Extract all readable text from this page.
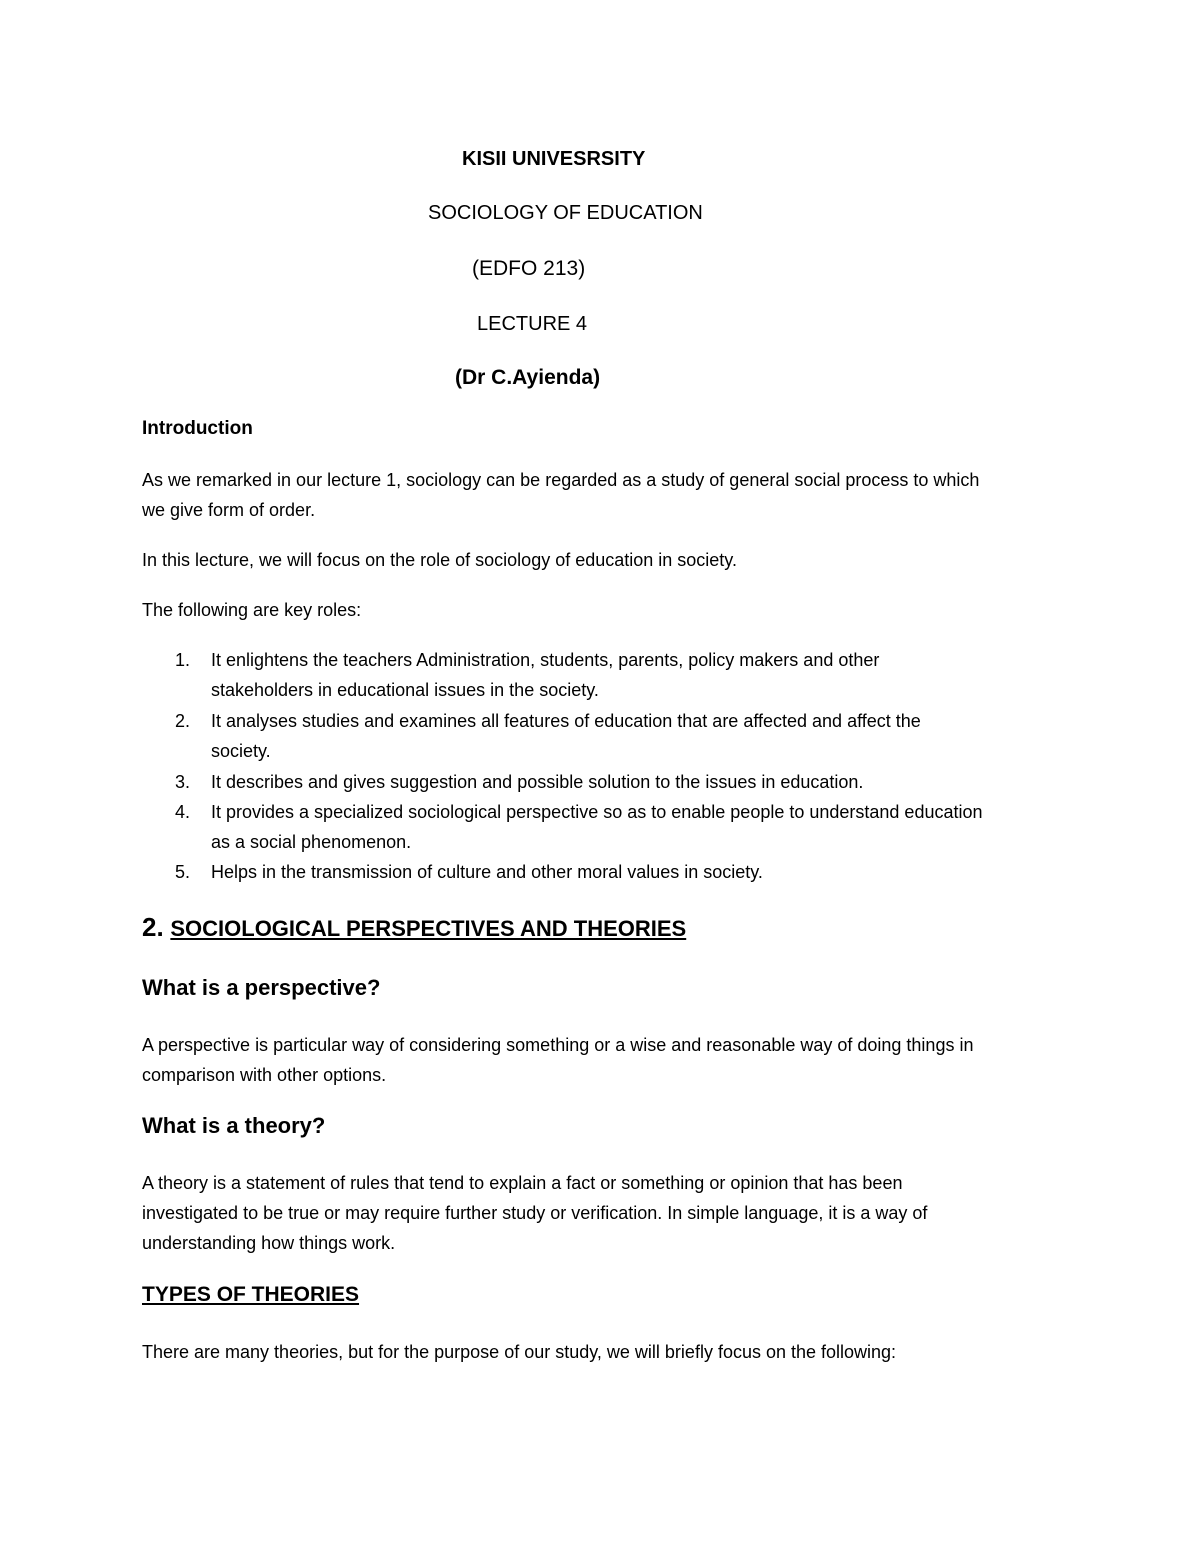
KISII UNIVESRSITY
SOCIOLOGY OF EDUCATION
(EDFO 213)
LECTURE 4
(Dr C.Ayienda)
Introduction
As we remarked in our lecture 1, sociology can be regarded as a study of general social process to which
we give form of order.
In this lecture, we will focus on the role of sociology of education in society.
The following are key roles:
1. It enlightens the teachers Administration, students, parents, policy makers and other
stakeholders in educational issues in the society.
2. It analyses studies and examines all features of education that are affected and affect the
society.
3. It describes and gives suggestion and possible solution to the issues in education.
4. It provides a specialized sociological perspective so as to enable people to understand education
as a social phenomenon.
5. Helps in the transmission of culture and other moral values in society.
2. SOCIOLOGICAL PERSPECTIVES AND THEORIES
What is a perspective?
A perspective is particular way of considering something or a wise and reasonable way of doing things in
comparison with other options.
What is a theory?
A theory is a statement of rules that tend to explain a fact or something or opinion that has been
investigated to be true or may require further study or verification. In simple language, it is a way of
understanding how things work.
TYPES OF THEORIES
There are many theories, but for the purpose of our study, we will briefly focus on the following:
